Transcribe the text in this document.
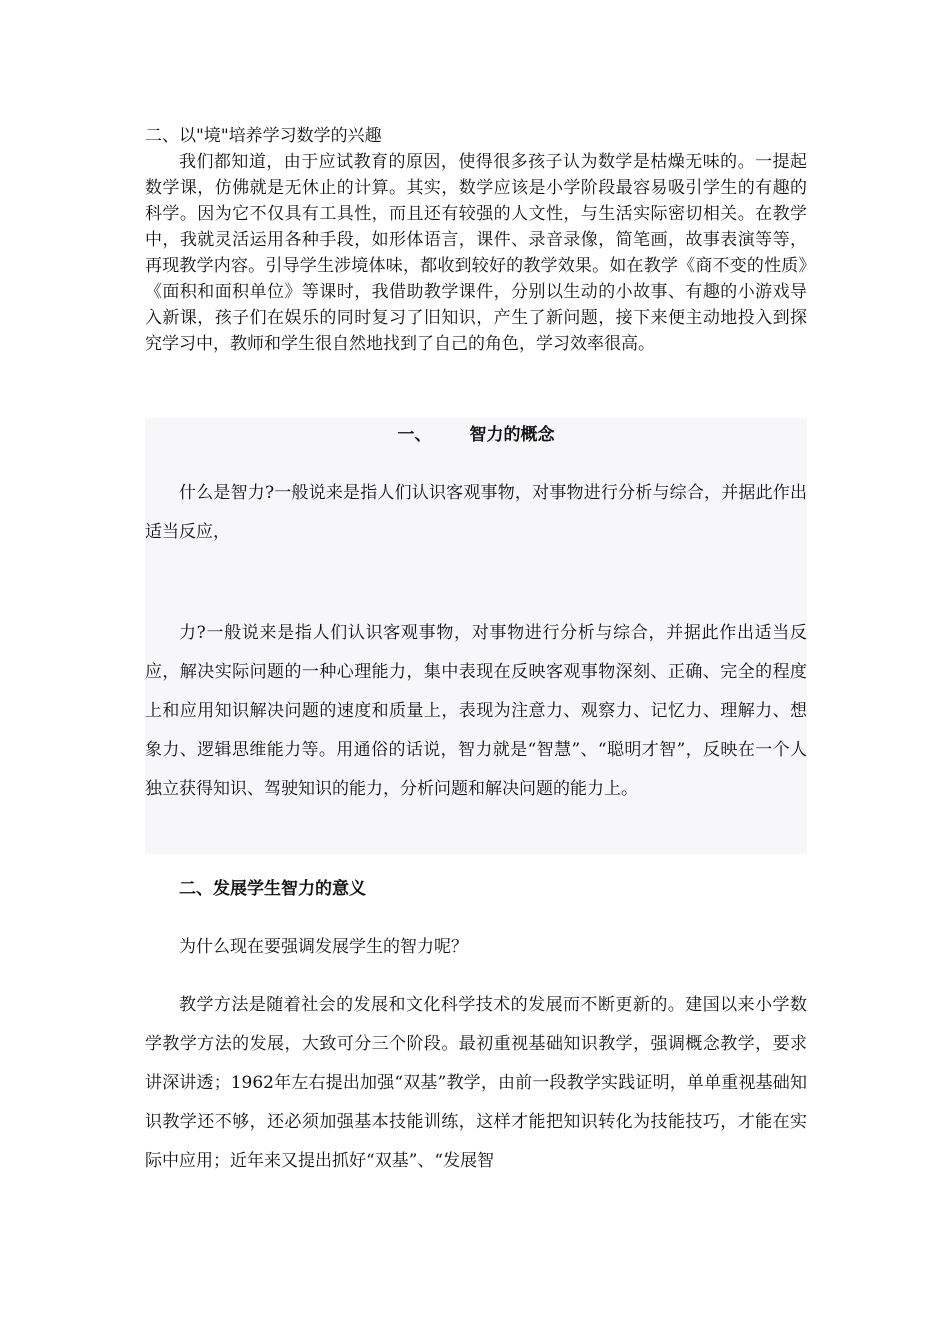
二、以"境"培养学习数学的兴趣
我们都知道，由于应试教育的原因，使得很多孩子认为数学是枯燥无味的。一提起数学课，仿佛就是无休止的计算。其实，数学应该是小学阶段最容易吸引学生的有趣的科学。因为它不仅具有工具性，而且还有较强的人文性，与生活实际密切相关。在教学中，我就灵活运用各种手段，如形体语言，课件、录音录像，简笔画，故事表演等等，再现教学内容。引导学生涉境体味，都收到较好的教学效果。如在教学《商不变的性质》《面积和面积单位》等课时，我借助教学课件，分别以生动的小故事、有趣的小游戏导入新课，孩子们在娱乐的同时复习了旧知识，产生了新问题，接下来便主动地投入到探究学习中，教师和学生很自然地找到了自己的角色，学习效率很高。
一、 智力的概念
什么是智力?一般说来是指人们认识客观事物，对事物进行分析与综合，并据此作出适当反应，
力?一般说来是指人们认识客观事物，对事物进行分析与综合，并据此作出适当反应，解决实际问题的一种心理能力，集中表现在反映客观事物深刻、正确、完全的程度上和应用知识解决问题的速度和质量上，表现为注意力、观察力、记忆力、理解力、想象力、逻辑思维能力等。用通俗的话说，智力就是“智慧”、“聪明才智”，反映在一个人独立获得知识、驾驶知识的能力，分析问题和解决问题的能力上。
二、发展学生智力的意义
为什么现在要强调发展学生的智力呢？
教学方法是随着社会的发展和文化科学技术的发展而不断更新的。建国以来小学数学教学方法的发展，大致可分三个阶段。最初重视基础知识教学，强调概念教学，要求讲深讲透；1962年左右提出加强“双基”教学，由前一段教学实践证明，单单重视基础知识教学还不够，还必须加强基本技能训练，这样才能把知识转化为技能技巧，才能在实际中应用；近年来又提出抓好“双基”、“发展智
